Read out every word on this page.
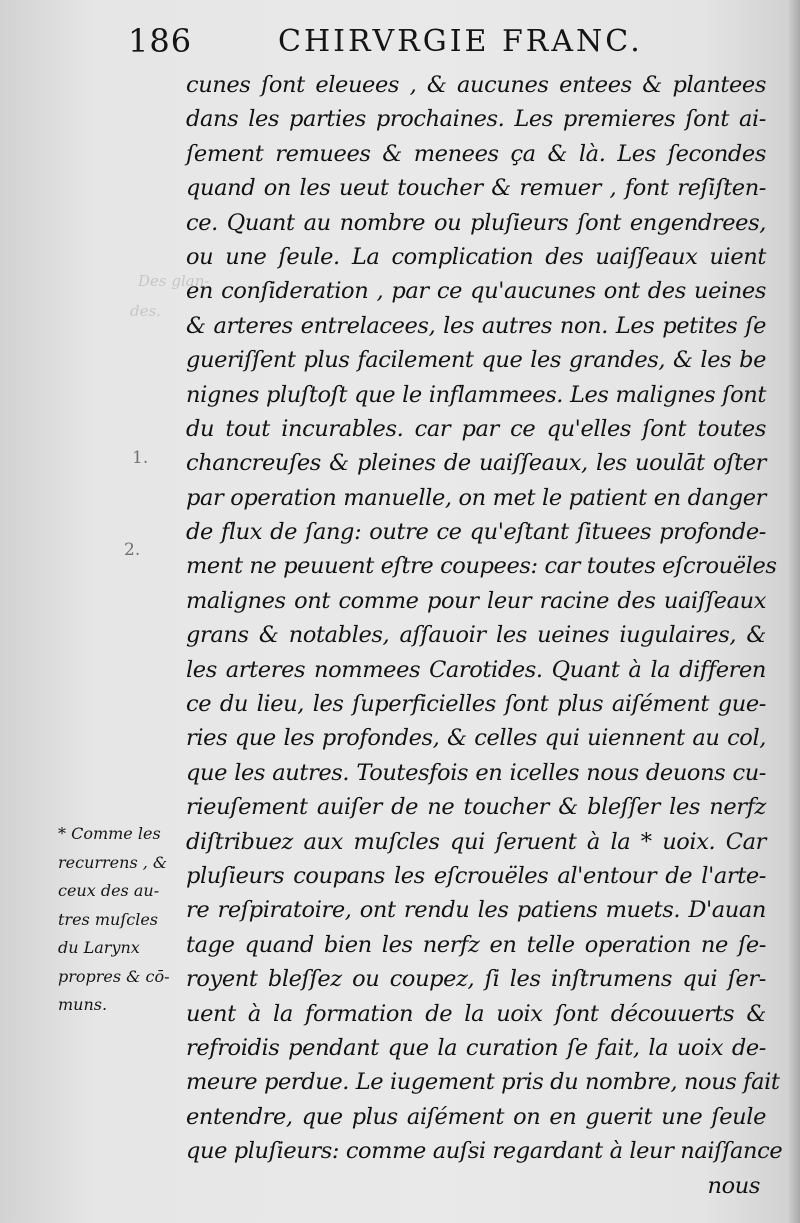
186	CHIRVRGIE FRANC.
Des glan-
des.
1.
2.
* Comme les
recurrens , &
ceux des au-
tres muſcles
du Larynx
propres & cō-
muns.
cunes ſont eleuees , & aucunes entees & plantees
dans les parties prochaines. Les premieres ſont ai-
ſement remuees & menees ça & là. Les ſecondes
quand on les ueut toucher & remuer , font reſiſten-
ce. Quant au nombre ou pluſieurs ſont engendrees,
ou une ſeule. La complication des uaiſſeaux uient
en conſideration , par ce qu'aucunes ont des ueines
& arteres entrelacees, les autres non. Les petites ſe
gueriſſent plus facilement que les grandes, & les be
nignes pluſtoſt que le inflammees. Les malignes ſont
du tout incurables. car par ce qu'elles ſont toutes
chancreuſes & pleines de uaiſſeaux, les uoulāt oſter
par operation manuelle, on met le patient en danger
de flux de ſang: outre ce qu'eſtant ſituees profonde-
ment ne peuuent eſtre coupees: car toutes eſcrouëles
malignes ont comme pour leur racine des uaiſſeaux
grans & notables, aſſauoir les ueines iugulaires, &
les arteres nommees Carotides. Quant à la differen
ce du lieu, les ſuperficielles ſont plus aiſément gue-
ries que les profondes, & celles qui uiennent au col,
que les autres. Toutesfois en icelles nous deuons cu-
rieuſement auiſer de ne toucher & bleſſer les nerfz
diſtribuez aux muſcles qui ſeruent à la * uoix. Car
pluſieurs coupans les eſcrouëles al'entour de l'arte-
re reſpiratoire, ont rendu les patiens muets. D'auan
tage quand bien les nerfz en telle operation ne ſe-
royent bleſſez ou coupez, ſi les inſtrumens qui ſer-
uent à la formation de la uoix ſont découuerts &
refroidis pendant que la curation ſe fait, la uoix de-
meure perdue. Le iugement pris du nombre, nous fait
entendre, que plus aiſément on en guerit une ſeule
que pluſieurs: comme auſsi regardant à leur naiſſance
nous
